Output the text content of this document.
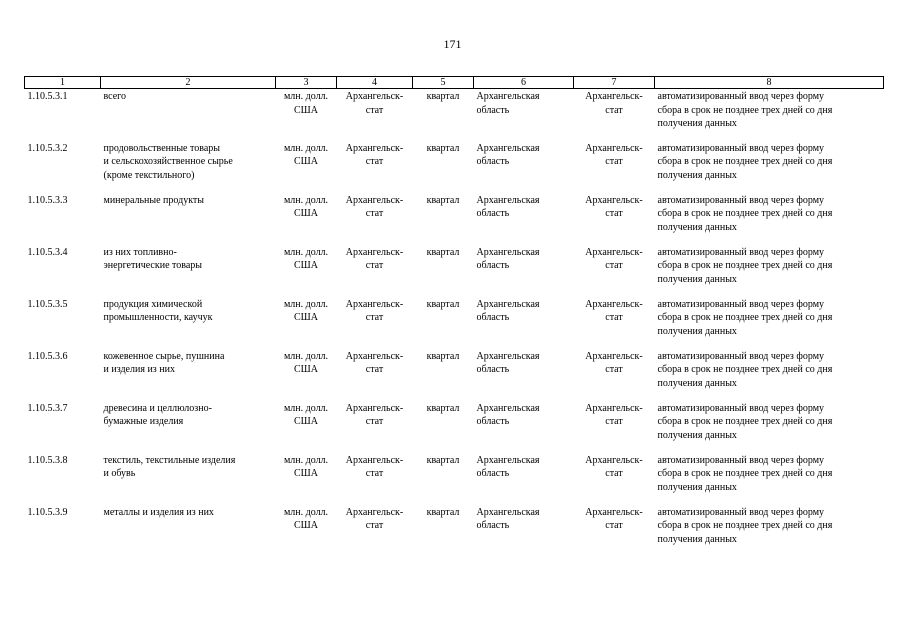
171
1	2	3	4	5	6	7	8
1.10.5.3.1	всего	млн. долл.
США	Архангельск-
стат	квартал	Архангельская
область	Архангельск-
стат	автоматизированный ввод через форму
сбора в срок не позднее трех дней со дня
получения данных
1.10.5.3.2	продовольственные товары
и сельскохозяйственное сырье
(кроме текстильного)	млн. долл.
США	Архангельск-
стат	квартал	Архангельская
область	Архангельск-
стат	автоматизированный ввод через форму
сбора в срок не позднее трех дней со дня
получения данных
1.10.5.3.3	минеральные продукты	млн. долл.
США	Архангельск-
стат	квартал	Архангельская
область	Архангельск-
стат	автоматизированный ввод через форму
сбора в срок не позднее трех дней со дня
получения данных
1.10.5.3.4	из них топливно-
энергетические товары	млн. долл.
США	Архангельск-
стат	квартал	Архангельская
область	Архангельск-
стат	автоматизированный ввод через форму
сбора в срок не позднее трех дней со дня
получения данных
1.10.5.3.5	продукция химической
промышленности, каучук	млн. долл.
США	Архангельск-
стат	квартал	Архангельская
область	Архангельск-
стат	автоматизированный ввод через форму
сбора в срок не позднее трех дней со дня
получения данных
1.10.5.3.6	кожевенное сырье, пушнина
и изделия из них	млн. долл.
США	Архангельск-
стат	квартал	Архангельская
область	Архангельск-
стат	автоматизированный ввод через форму
сбора в срок не позднее трех дней со дня
получения данных
1.10.5.3.7	древесина и целлюлозно-
бумажные изделия	млн. долл.
США	Архангельск-
стат	квартал	Архангельская
область	Архангельск-
стат	автоматизированный ввод через форму
сбора в срок не позднее трех дней со дня
получения данных
1.10.5.3.8	текстиль, текстильные изделия
и обувь	млн. долл.
США	Архангельск-
стат	квартал	Архангельская
область	Архангельск-
стат	автоматизированный ввод через форму
сбора в срок не позднее трех дней со дня
получения данных
1.10.5.3.9	металлы и изделия из них	млн. долл.
США	Архангельск-
стат	квартал	Архангельская
область	Архангельск-
стат	автоматизированный ввод через форму
сбора в срок не позднее трех дней со дня
получения данных
